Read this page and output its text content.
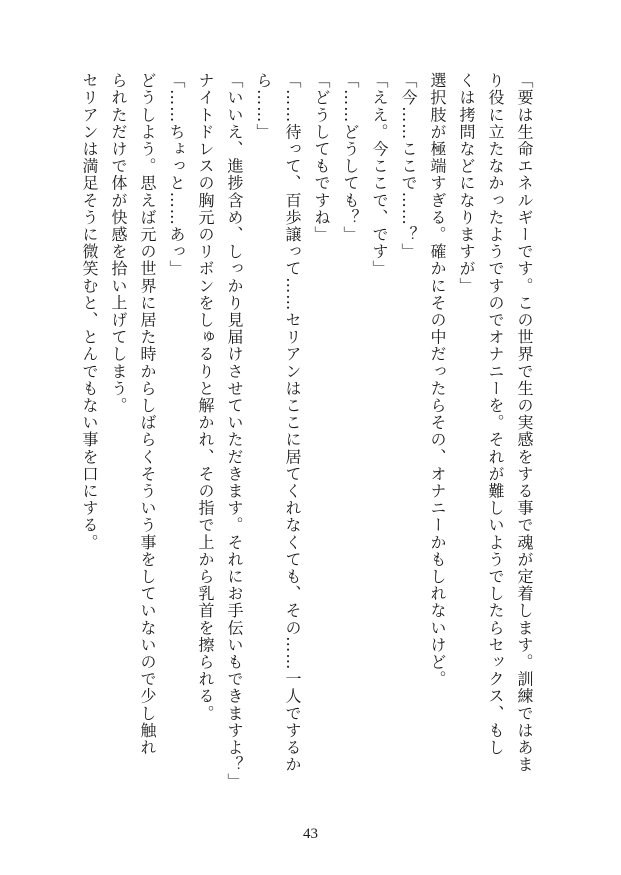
「要は生命エネルギーです。この世界で生の実感をする事で魂が定着します。訓練ではあま

り役に立たなかったようですのでオナニーを。それが難しいようでしたらセックス、もし

くは拷問などになりますが」

選択肢が極端すぎる。確かにその中だったらその、オナニーかもしれないけど。

「今……ここで……？」

「ええ。今ここで、です」

「……どうしても？」

「どうしてもですね」

「……待って、百歩譲って……セリアンはここに居てくれなくても、その……一人でするか

ら……」

「いいえ、進捗含め、しっかり見届けさせていただきます。それにお手伝いもできますよ？」

ナイトドレスの胸元のリボンをしゅるりと解かれ、その指で上から乳首を擦られる。

「……ちょっと……あっ」

どうしよう。思えば元の世界に居た時からしばらくそういう事をしていないので少し触れ

られただけで体が快感を拾い上げてしまう。

セリアンは満足そうに微笑むと、とんでもない事を口にする。

43
